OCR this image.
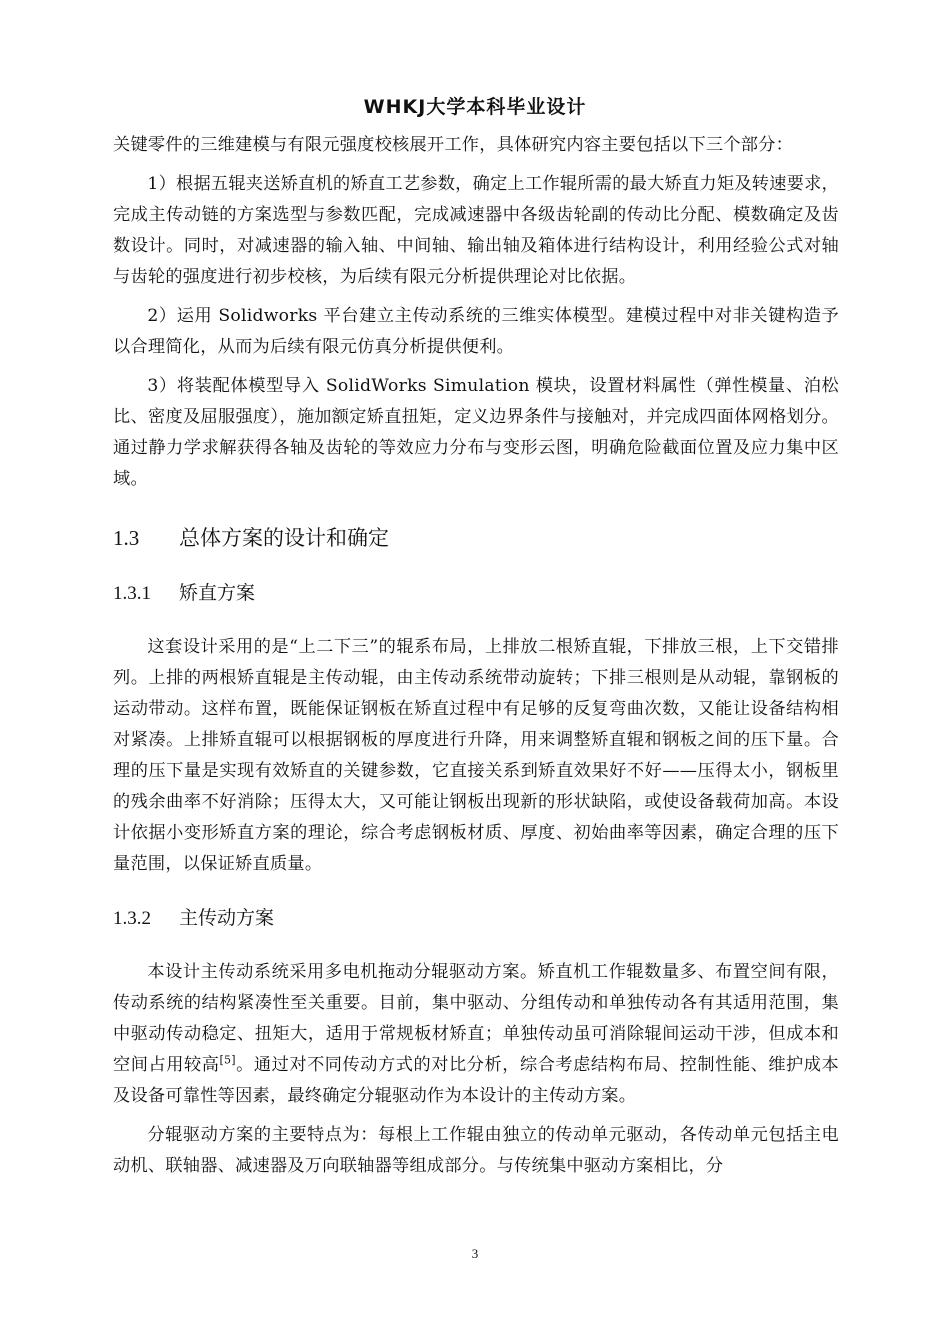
WHKJ大学本科毕业设计

关键零件的三维建模与有限元强度校核展开工作，具体研究内容主要包括以下三个部分：

1）根据五辊夹送矫直机的矫直工艺参数，确定上工作辊所需的最大矫直力矩及转速要求，完成主传动链的方案选型与参数匹配，完成减速器中各级齿轮副的传动比分配、模数确定及齿数设计。同时，对减速器的输入轴、中间轴、输出轴及箱体进行结构设计，利用经验公式对轴与齿轮的强度进行初步校核，为后续有限元分析提供理论对比依据。

2）运用 Solidworks 平台建立主传动系统的三维实体模型。建模过程中对非关键构造予以合理简化，从而为后续有限元仿真分析提供便利。

3）将装配体模型导入 SolidWorks Simulation 模块，设置材料属性（弹性模量、泊松比、密度及屈服强度），施加额定矫直扭矩，定义边界条件与接触对，并完成四面体网格划分。通过静力学求解获得各轴及齿轮的等效应力分布与变形云图，明确危险截面位置及应力集中区域。

1.3 总体方案的设计和确定
1.3.1 矫直方案

这套设计采用的是“上二下三”的辊系布局，上排放二根矫直辊，下排放三根，上下交错排列。上排的两根矫直辊是主传动辊，由主传动系统带动旋转；下排三根则是从动辊，靠钢板的运动带动。这样布置，既能保证钢板在矫直过程中有足够的反复弯曲次数，又能让设备结构相对紧凑。上排矫直辊可以根据钢板的厚度进行升降，用来调整矫直辊和钢板之间的压下量。合理的压下量是实现有效矫直的关键参数，它直接关系到矫直效果好不好——压得太小，钢板里的残余曲率不好消除；压得太大，又可能让钢板出现新的形状缺陷，或使设备载荷加高。本设计依据小变形矫直方案的理论，综合考虑钢板材质、厚度、初始曲率等因素，确定合理的压下量范围，以保证矫直质量。

1.3.2 主传动方案

本设计主传动系统采用多电机拖动分辊驱动方案。矫直机工作辊数量多、布置空间有限，传动系统的结构紧凑性至关重要。目前，集中驱动、分组传动和单独传动各有其适用范围，集中驱动传动稳定、扭矩大，适用于常规板材矫直；单独传动虽可消除辊间运动干涉，但成本和空间占用较高[5]。通过对不同传动方式的对比分析，综合考虑结构布局、控制性能、维护成本及设备可靠性等因素，最终确定分辊驱动作为本设计的主传动方案。

分辊驱动方案的主要特点为：每根上工作辊由独立的传动单元驱动，各传动单元包括主电动机、联轴器、减速器及万向联轴器等组成部分。与传统集中驱动方案相比，分

3
